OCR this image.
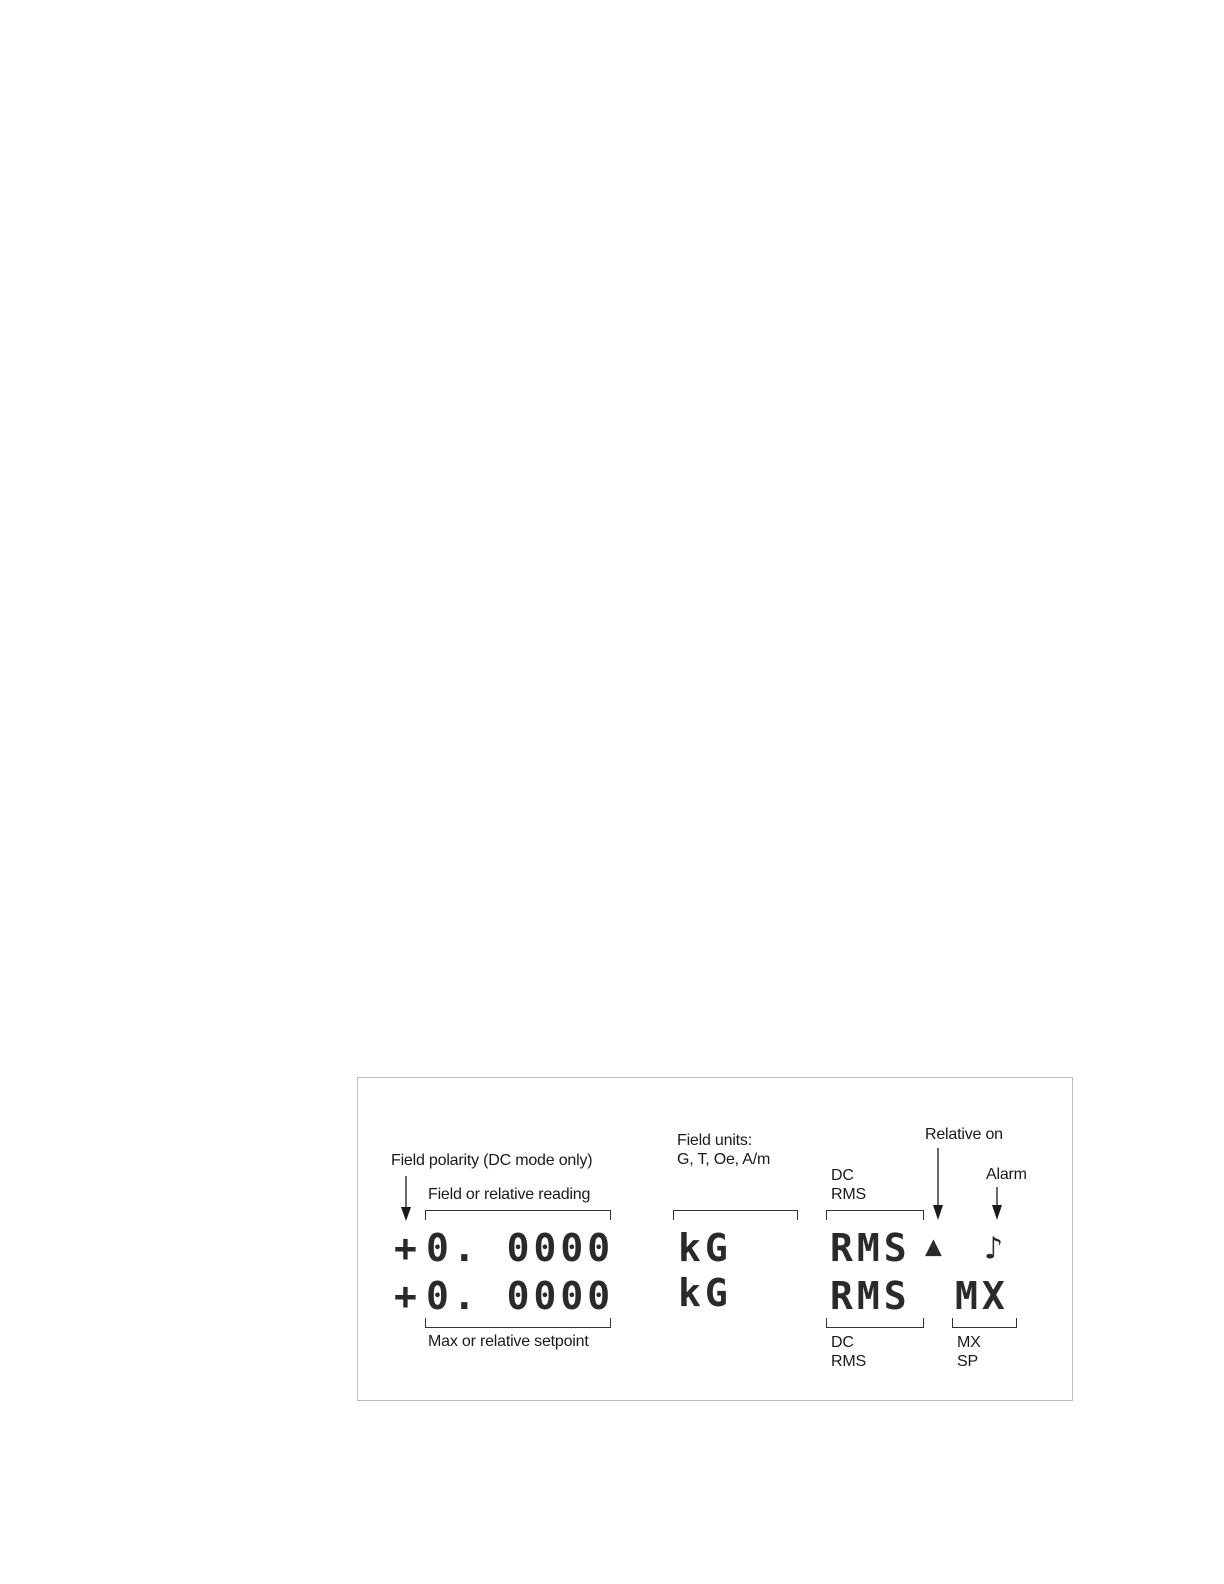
Field polarity (DC mode only)
Field or relative reading
Field units:
G, T, Oe, A/m
DC
RMS
Relative on
Alarm
Max or relative setpoint	DC
RMS
MX
SP
+ 0. 0000 kG	RMS ▲ ♪
+ 0. 0000 kG	RMS MX
